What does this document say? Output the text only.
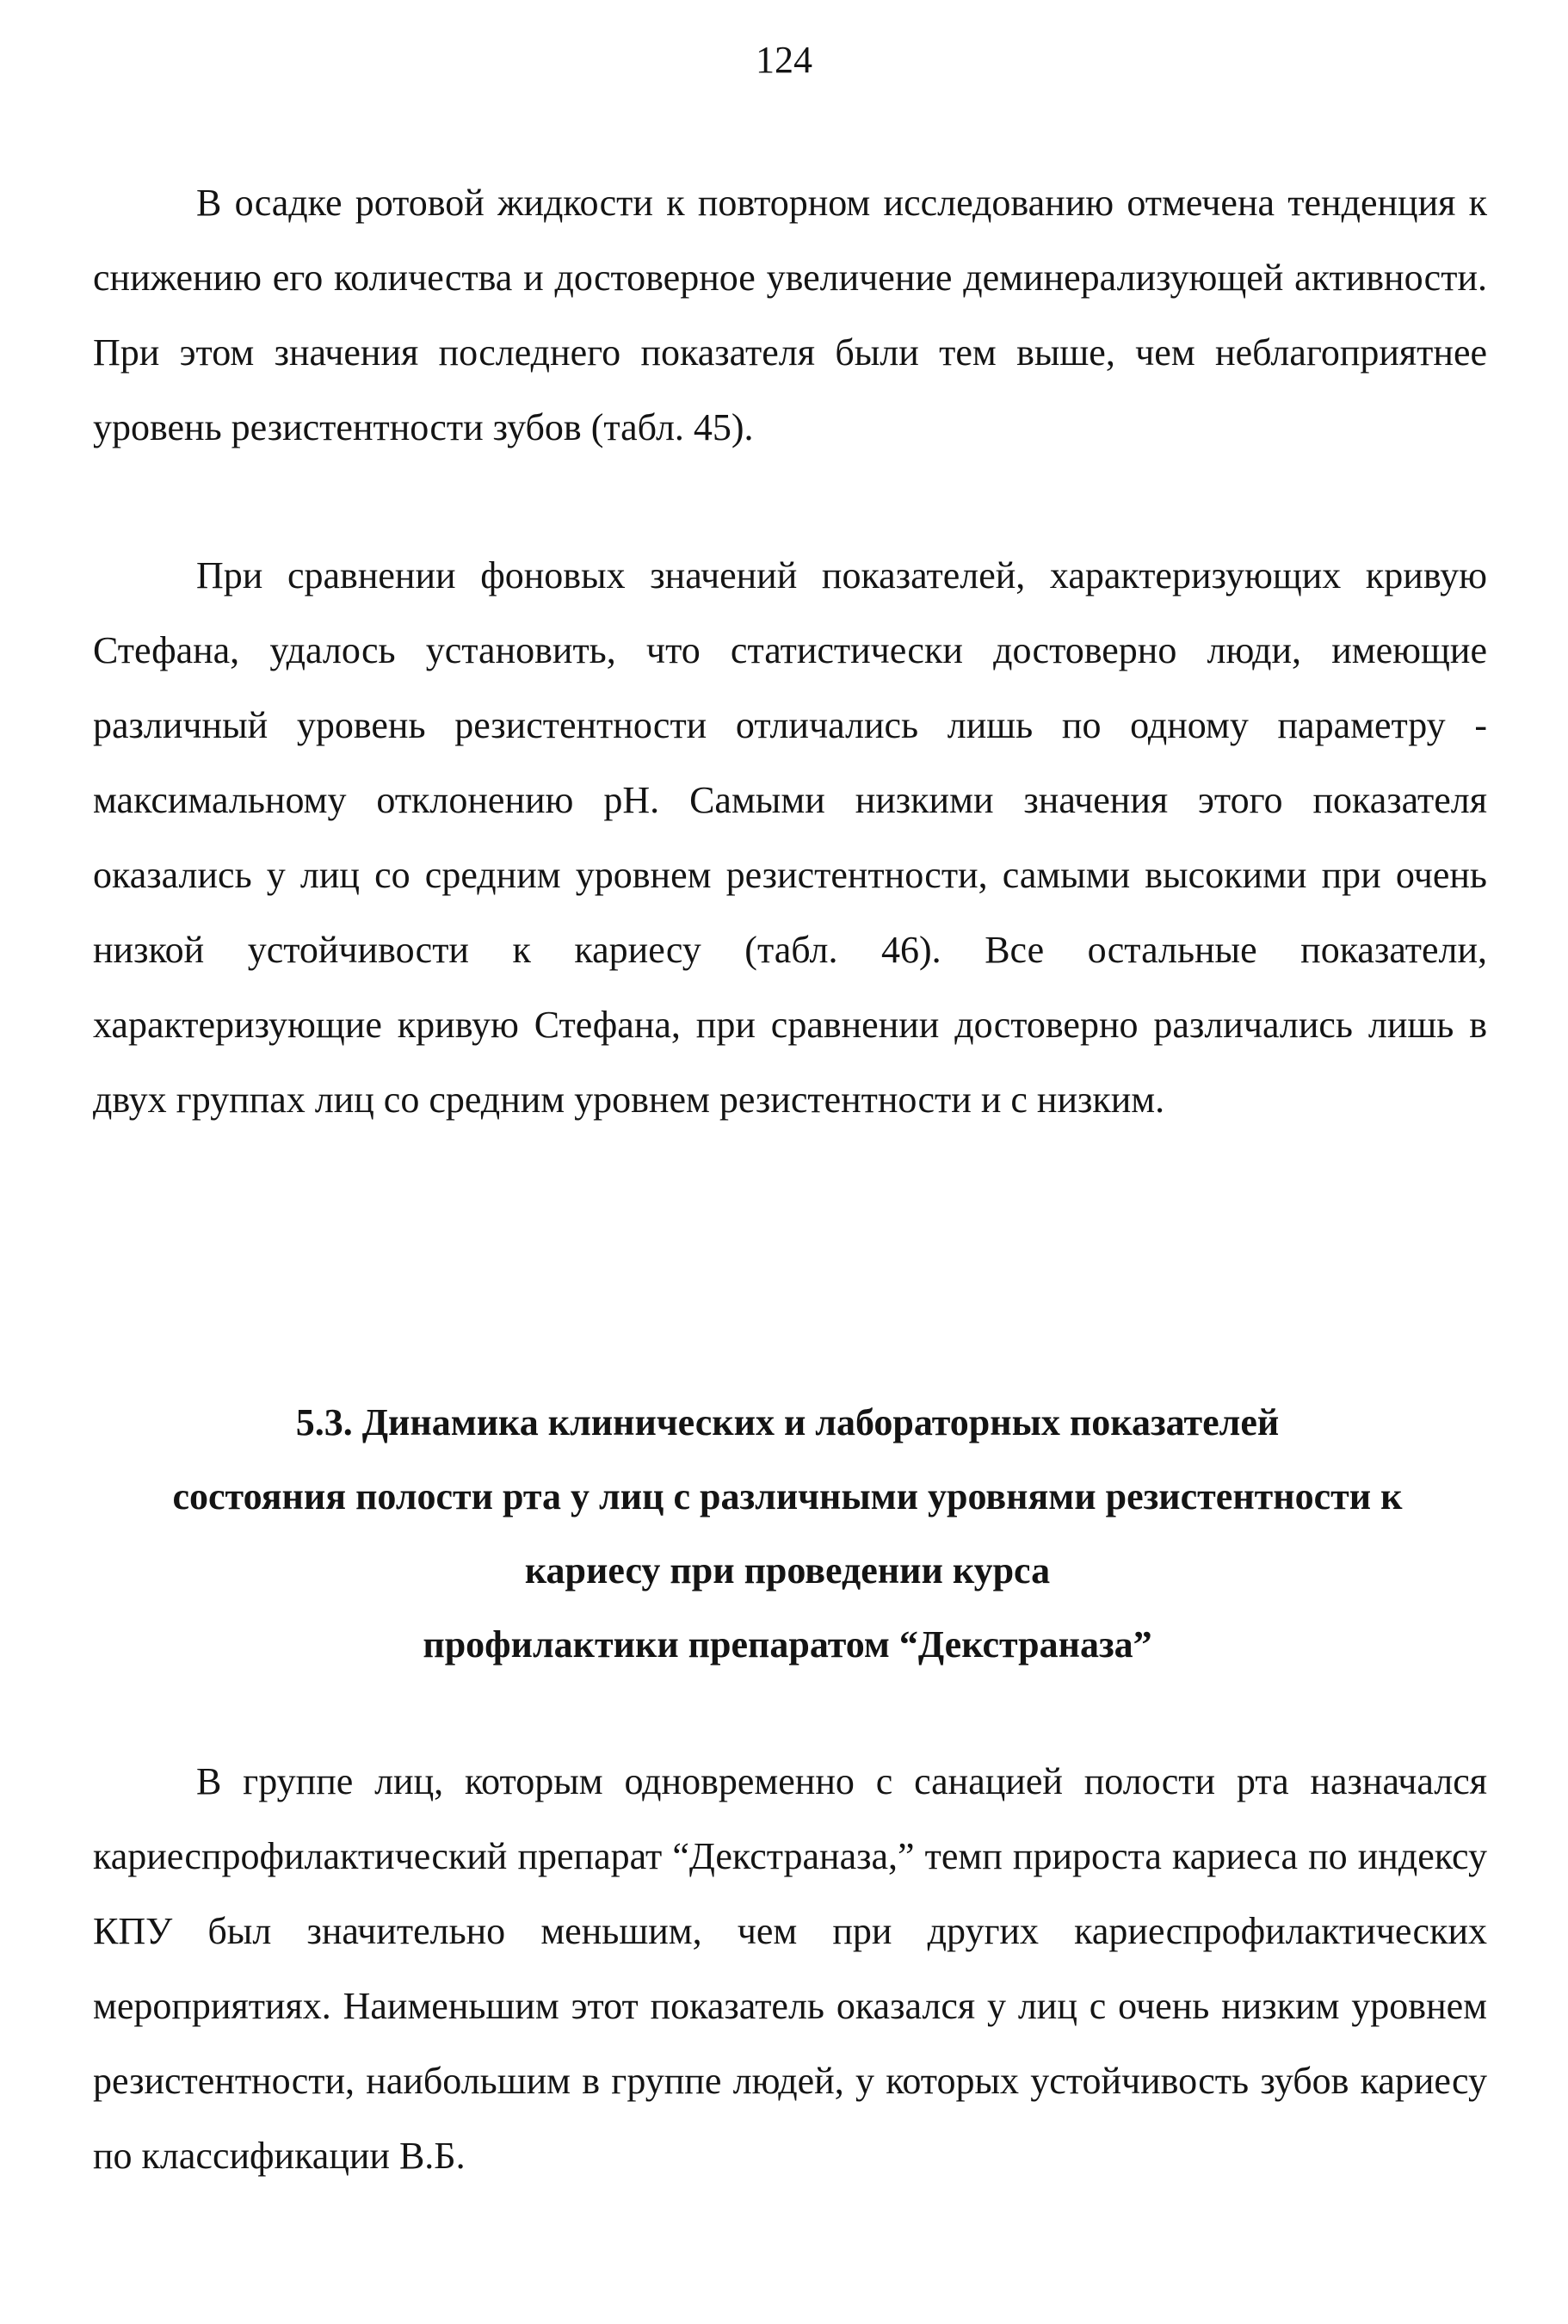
124

В осадке ротовой жидкости к повторном исследованию отмечена тенденция к снижению его количества и достоверное увеличение деминерализующей активности. При этом значения последнего показателя были тем выше, чем неблагоприятнее уровень резистентности зубов (табл. 45).

При сравнении фоновых значений показателей, характеризующих кривую Стефана, удалось установить, что статистически достоверно люди, имеющие различный уровень резистентности отличались лишь по одному параметру - максимальному отклонению рН. Самыми низкими значения этого показателя оказались у лиц со средним уровнем резистентности, самыми высокими при очень низкой устойчивости к кариесу (табл. 46). Все остальные показатели, характеризующие кривую Стефана, при сравнении достоверно различались лишь в двух группах лиц со средним уровнем резистентности и с низким.

5.3. Динамика клинических и лабораторных показателей
состояния полости рта у лиц с различными уровнями резистентности к
кариесу при проведении курса
профилактики препаратом “Декстраназа”

В группе лиц, которым одновременно с санацией полости рта назначался кариеспрофилактический препарат “Декстраназа,” темп прироста кариеса по индексу КПУ был значительно меньшим, чем при других кариеспрофилактических мероприятиях. Наименьшим этот показатель оказался у лиц с очень низким уровнем резистентности, наибольшим в группе людей, у которых устойчивость зубов кариесу по классификации В.Б.
